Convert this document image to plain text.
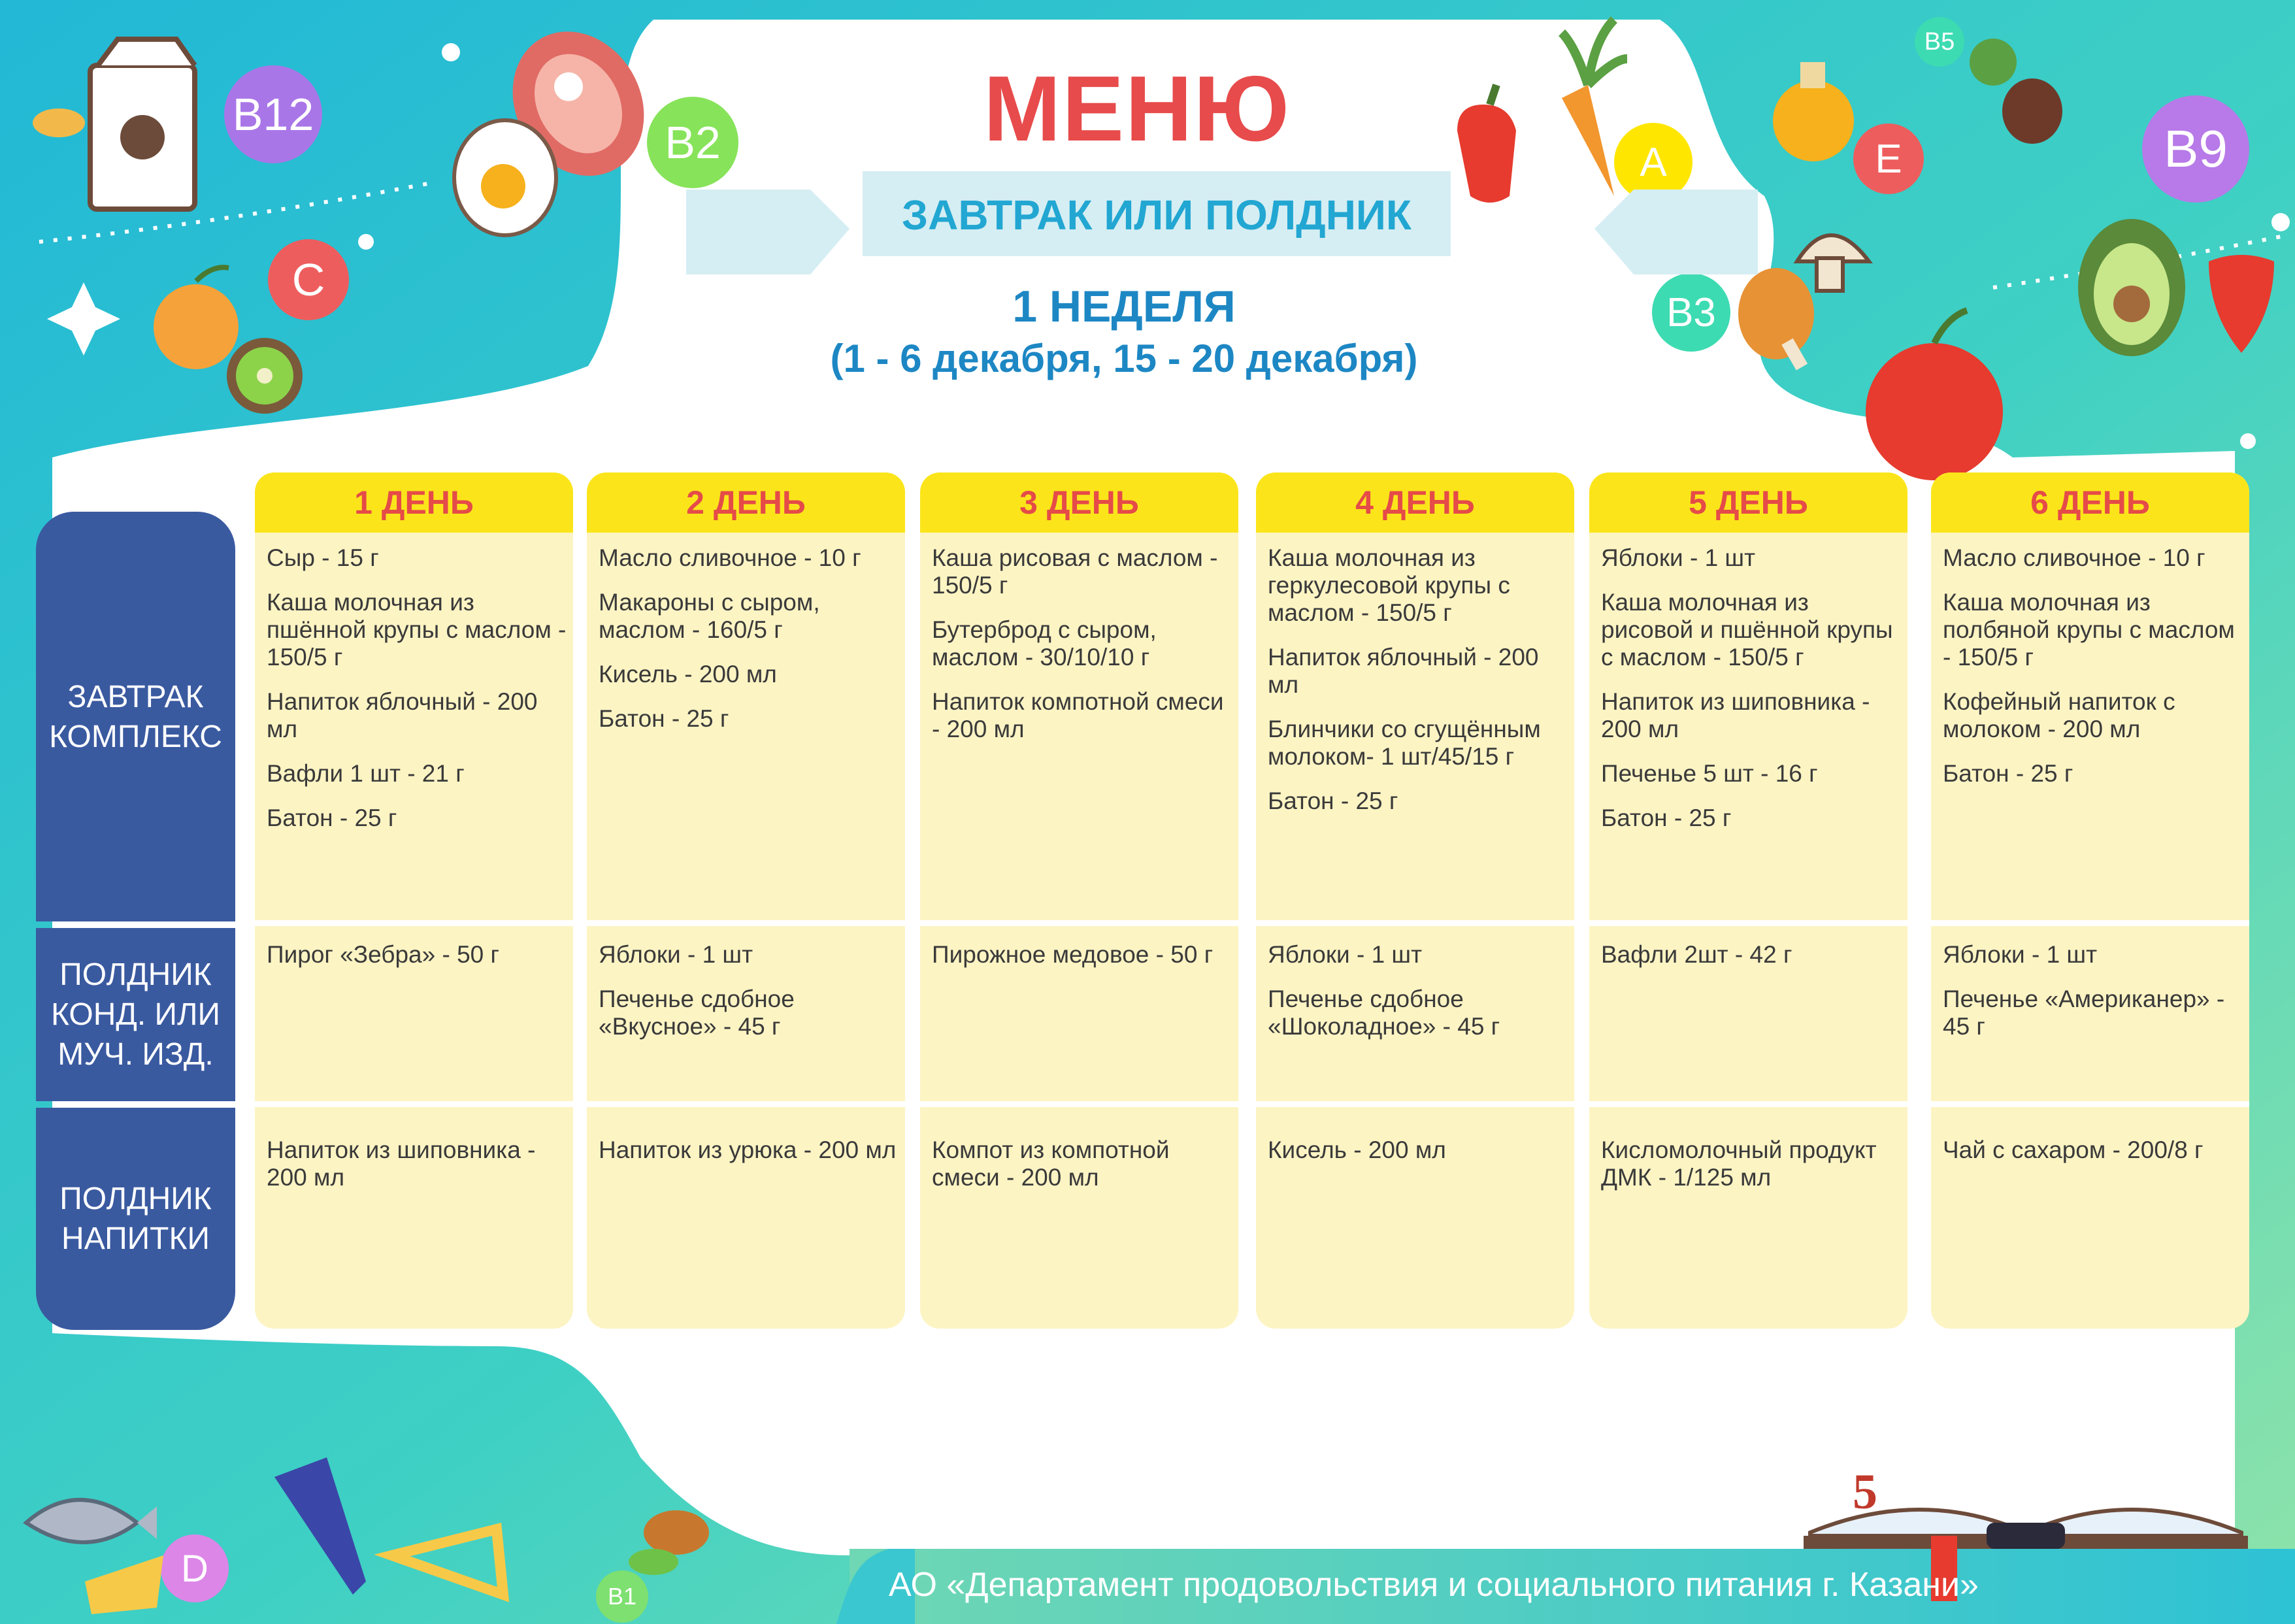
МЕНЮ
ЗАВТРАК ИЛИ ПОЛДНИК
1 НЕДЕЛЯ
(1 - 6 декабря, 15 - 20 декабря)
B12
B2
C
A
B5
E	B9
B3
D
B1
5
ЗАВТРАК КОМПЛЕКС
ПОЛДНИК КОНД. ИЛИ МУЧ. ИЗД.
ПОЛДНИК НАПИТКИ
1 ДЕНЬ
Сыр - 15 г
Каша молочная из пшённой крупы с маслом - 150/5 г
Напиток яблочный - 200 мл
Вафли 1 шт - 21 г
Батон - 25 г
Пирог «Зебра» - 50 г
Напиток из шиповника - 200 мл
2 ДЕНЬ
Масло сливочное - 10 г
Макароны с сыром, маслом - 160/5 г
Кисель - 200 мл
Батон - 25 г
Яблоки - 1 шт
Печенье сдобное «Вкусное» - 45 г
Напиток из урюка - 200 мл
3 ДЕНЬ
Каша рисовая с маслом - 150/5 г
Бутерброд с сыром, маслом - 30/10/10 г
Напиток компотной смеси - 200 мл
Пирожное медовое - 50 г
Компот из компотной смеси - 200 мл
4 ДЕНЬ
Каша молочная из геркулесовой крупы с маслом - 150/5 г
Напиток яблочный - 200 мл
Блинчики со сгущённым молоком- 1 шт/45/15 г
Батон - 25 г
Яблоки - 1 шт
Печенье сдобное «Шоколадное» - 45 г
Кисель - 200 мл
5 ДЕНЬ
Яблоки - 1 шт
Каша молочная из рисовой и пшённой крупы с маслом - 150/5 г
Напиток из шиповника - 200 мл
Печенье 5 шт - 16 г
Батон - 25 г
Вафли 2шт - 42 г
Кисломолочный продукт ДМК - 1/125 мл
6 ДЕНЬ
Масло сливочное - 10 г
Каша молочная из полбяной крупы с маслом - 150/5 г
Кофейный напиток с молоком - 200 мл
Батон - 25 г
Яблоки - 1 шт
Печенье «Американер» - 45 г
Чай с сахаром - 200/8 г
АО «Департамент продовольствия и социального питания г. Казани»
